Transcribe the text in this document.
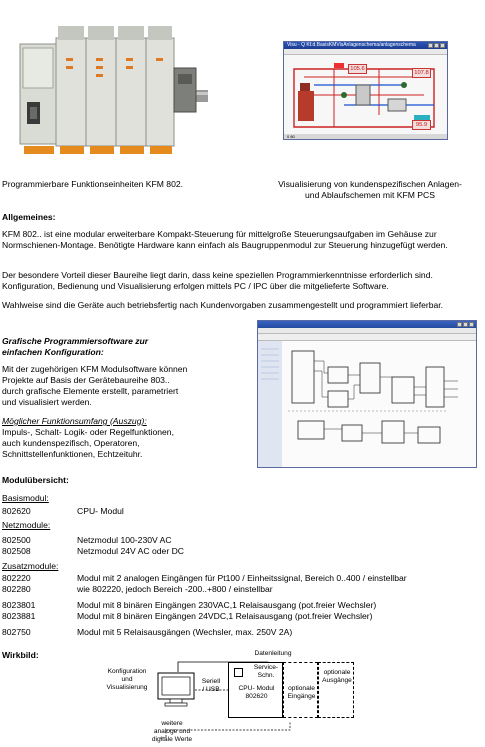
Visu - Q Kf.d.BasisKMVisAnlagenschema/anlagenschema
105.6
107.8
95.9
0 80
Programmierbare Funktionseinheiten KFM 802.	Visualisierung von kundenspezifischen Anlagen-
und Ablaufschemen mit KFM PCS
Allgemeines:
KFM 802.. ist eine modular erweiterbare Kompakt-Steuerung für mittelgroße Steuerungsaufgaben im Gehäuse zur Normschienen-Montage. Benötigte Hardware kann einfach als Baugruppenmodul zur Steuerung hinzugefügt werden.
Der besondere Vorteil dieser Baureihe liegt darin, dass keine speziellen Programmierkenntnisse erforderlich sind. Konfiguration, Bedienung und Visualisierung erfolgen mittels PC / IPC über die mitgelieferte Software.
Wahlweise sind die Geräte auch betriebsfertig nach Kundenvorgaben zusammengestellt und programmiert lieferbar.
Grafische Programmiersoftware zur
einfachen Konfiguration:
Mit der zugehörigen KFM Modulsoftware können
Projekte auf Basis der Gerätebaureihe 803..
durch grafische Elemente erstellt, parametriert
und visualisiert werden.
Möglicher Funktionsumfang (Auszug):
Impuls-, Schalt- Logik- oder Regelfunktionen,
auch kundenspezifisch, Operatoren,
Schnittstellenfunktionen, Echtzeituhr.
Modulübersicht:
Basismodul:
802620	CPU- Modul
Netzmodule:
802500	Netzmodul 100-230V AC
802508	Netzmodul 24V AC oder DC
Zusatzmodule:
802220	Modul mit 2 analogen Eingängen für Pt100 / Einheitssignal, Bereich 0..400 / einstellbar
802280	wie 802220, jedoch Bereich -200..+800 / einstellbar
8023801	Modul mit 8 binären Eingängen 230VAC,1 Relaisausgang (pot.freier Wechsler)
8023881	Modul mit 8 binären Eingängen 24VDC,1 Relaisausgang (pot.freier Wechsler)
802750	Modul mit 5 Relaisausgängen (Wechsler, max. 250V 2A)
Wirkbild:
Konfiguration
und
Visualisierung
Datenleitung
Seriell
/ USB
Service-
Schn.
CPU- Modul
802620
optionale
Eingänge
optionale
Ausgänge
weitere
analoge und
digitale Werte
